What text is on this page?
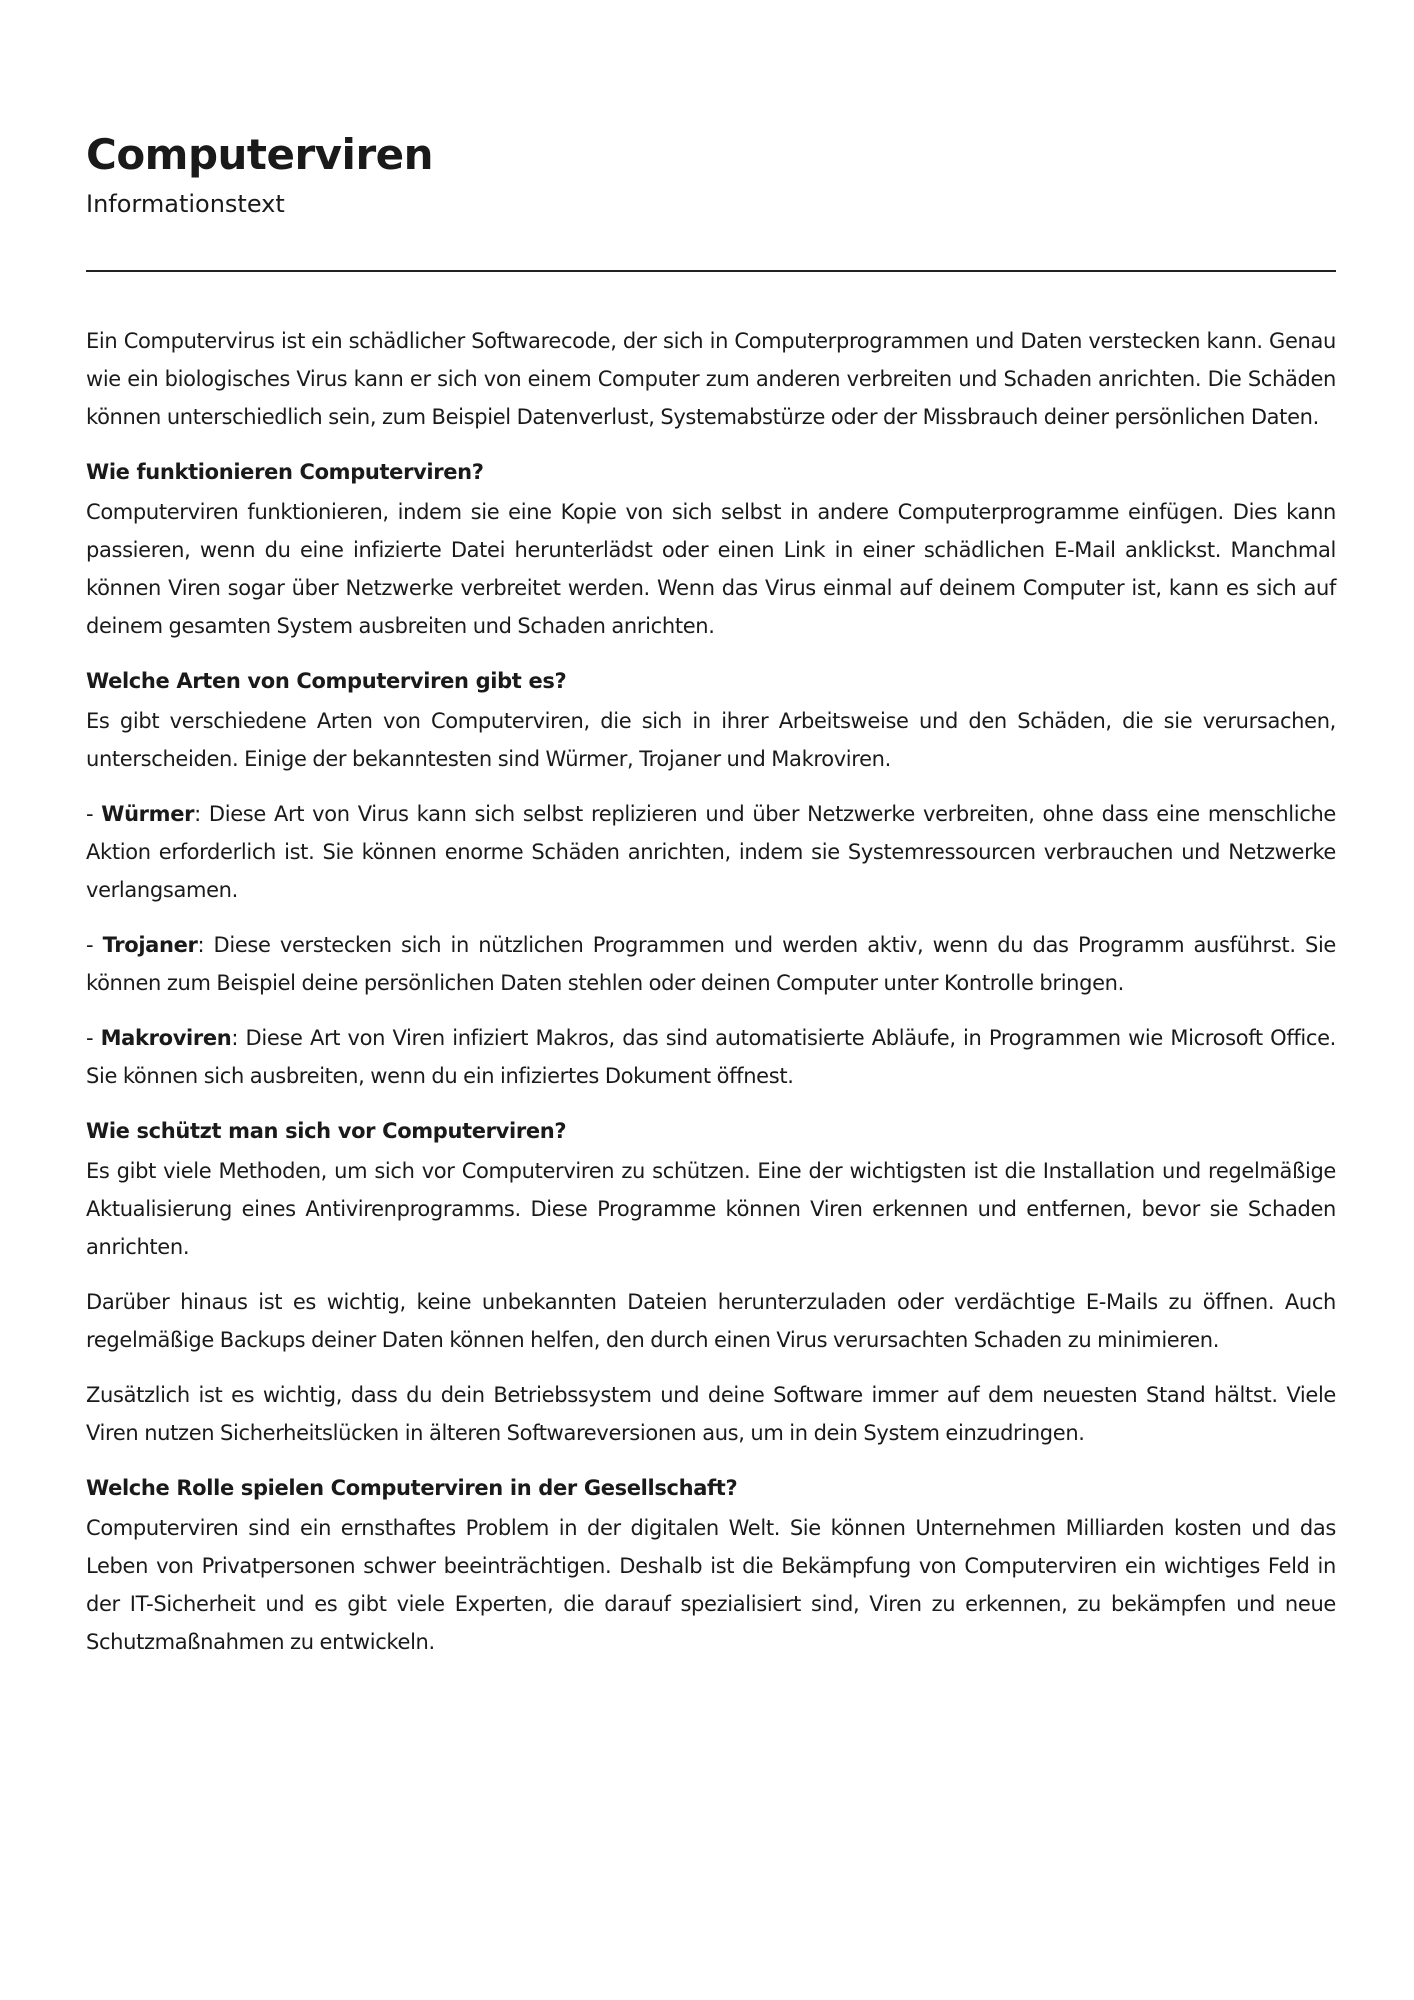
Computerviren
Informationstext

Ein Computervirus ist ein schädlicher Softwarecode, der sich in Computerprogrammen und Daten verstecken kann. Genau wie ein biologisches Virus kann er sich von einem Computer zum anderen verbreiten und Schaden anrichten. Die Schäden können unterschiedlich sein, zum Beispiel Datenverlust, Systemabstürze oder der Missbrauch deiner persönlichen Daten.

Wie funktionieren Computerviren?

Computerviren funktionieren, indem sie eine Kopie von sich selbst in andere Computerprogramme einfügen. Dies kann passieren, wenn du eine infizierte Datei herunterlädst oder einen Link in einer schädlichen E-Mail anklickst. Manchmal können Viren sogar über Netzwerke verbreitet werden. Wenn das Virus einmal auf deinem Computer ist, kann es sich auf deinem gesamten System ausbreiten und Schaden anrichten.

Welche Arten von Computerviren gibt es?

Es gibt verschiedene Arten von Computerviren, die sich in ihrer Arbeitsweise und den Schäden, die sie verursachen, unterscheiden. Einige der bekanntesten sind Würmer, Trojaner und Makroviren.

- Würmer: Diese Art von Virus kann sich selbst replizieren und über Netzwerke verbreiten, ohne dass eine menschliche Aktion erforderlich ist. Sie können enorme Schäden anrichten, indem sie Systemressourcen verbrauchen und Netzwerke verlangsamen.

- Trojaner: Diese verstecken sich in nützlichen Programmen und werden aktiv, wenn du das Programm ausführst. Sie können zum Beispiel deine persönlichen Daten stehlen oder deinen Computer unter Kontrolle bringen.

- Makroviren: Diese Art von Viren infiziert Makros, das sind automatisierte Abläufe, in Programmen wie Microsoft Office. Sie können sich ausbreiten, wenn du ein infiziertes Dokument öffnest.

Wie schützt man sich vor Computerviren?

Es gibt viele Methoden, um sich vor Computerviren zu schützen. Eine der wichtigsten ist die Installation und regelmäßige Aktualisierung eines Antivirenprogramms. Diese Programme können Viren erkennen und entfernen, bevor sie Schaden anrichten.

Darüber hinaus ist es wichtig, keine unbekannten Dateien herunterzuladen oder verdächtige E-Mails zu öffnen. Auch regelmäßige Backups deiner Daten können helfen, den durch einen Virus verursachten Schaden zu minimieren.

Zusätzlich ist es wichtig, dass du dein Betriebssystem und deine Software immer auf dem neuesten Stand hältst. Viele Viren nutzen Sicherheitslücken in älteren Softwareversionen aus, um in dein System einzudringen.

Welche Rolle spielen Computerviren in der Gesellschaft?

Computerviren sind ein ernsthaftes Problem in der digitalen Welt. Sie können Unternehmen Milliarden kosten und das Leben von Privatpersonen schwer beeinträchtigen. Deshalb ist die Bekämpfung von Computerviren ein wichtiges Feld in der IT-Sicherheit und es gibt viele Experten, die darauf spezialisiert sind, Viren zu erkennen, zu bekämpfen und neue Schutzmaßnahmen zu entwickeln.
